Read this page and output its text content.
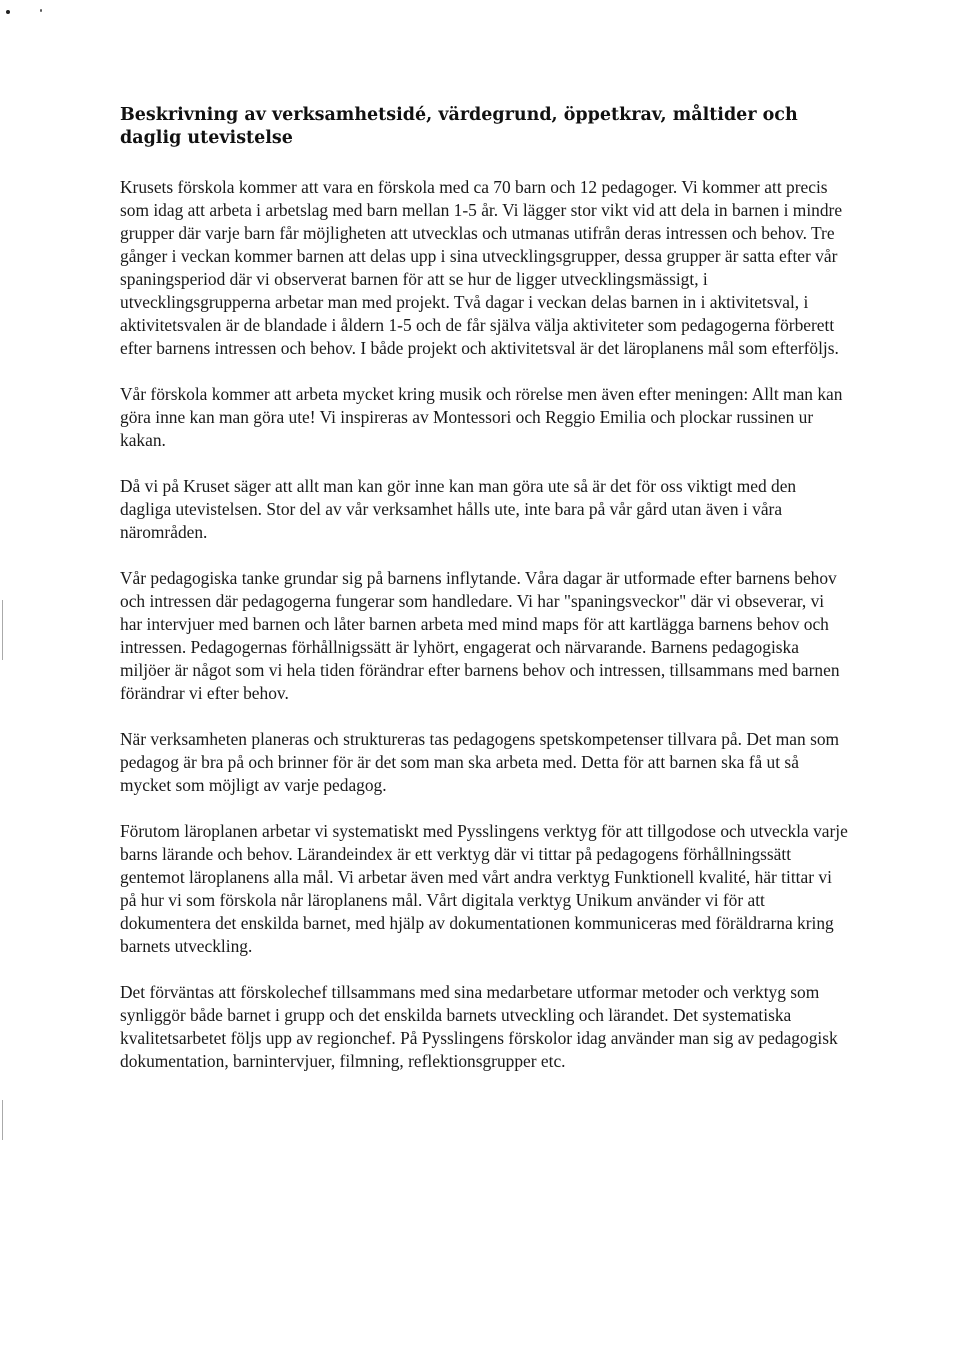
Beskrivning av verksamhetsidé, värdegrund, öppetkrav, måltider och daglig utevistelse

Krusets förskola kommer att vara en förskola med ca 70 barn och 12 pedagoger. Vi kommer att precis som idag att arbeta i arbetslag med barn mellan 1-5 år. Vi lägger stor vikt vid att dela in barnen i mindre grupper där varje barn får möjligheten att utvecklas och utmanas utifrån deras intressen och behov. Tre gånger i veckan kommer barnen att delas upp i sina utvecklingsgrupper, dessa grupper är satta efter vår spaningsperiod där vi observerat barnen för att se hur de ligger utvecklingsmässigt, i utvecklingsgrupperna arbetar man med projekt. Två dagar i veckan delas barnen in i aktivitetsval, i aktivitetsvalen är de blandade i åldern 1-5 och de får själva välja aktiviteter som pedagogerna förberett efter barnens intressen och behov. I både projekt och aktivitetsval är det läroplanens mål som efterföljs.

Vår förskola kommer att arbeta mycket kring musik och rörelse men även efter meningen: Allt man kan göra inne kan man göra ute! Vi inspireras av Montessori och Reggio Emilia och plockar russinen ur kakan.

Då vi på Kruset säger att allt man kan gör inne kan man göra ute så är det för oss viktigt med den dagliga utevistelsen. Stor del av vår verksamhet hålls ute, inte bara på vår gård utan även i våra närområden.

Vår pedagogiska tanke grundar sig på barnens inflytande. Våra dagar är utformade efter barnens behov och intressen där pedagogerna fungerar som handledare. Vi har "spaningsveckor" där vi obseverar, vi har intervjuer med barnen och låter barnen arbeta med mind maps för att kartlägga barnens behov och intressen. Pedagogernas förhållnigssätt är lyhört, engagerat och närvarande. Barnens pedagogiska miljöer är något som vi hela tiden förändrar efter barnens behov och intressen, tillsammans med barnen förändrar vi efter behov.

När verksamheten planeras och struktureras tas pedagogens spetskompetenser tillvara på. Det man som pedagog är bra på och brinner för är det som man ska arbeta med. Detta för att barnen ska få ut så mycket som möjligt av varje pedagog.

Förutom läroplanen arbetar vi systematiskt med Pysslingens verktyg för att tillgodose och utveckla varje barns lärande och behov. Lärandeindex är ett verktyg där vi tittar på pedagogens förhållningssätt gentemot läroplanens alla mål. Vi arbetar även med vårt andra verktyg Funktionell kvalité, här tittar vi på hur vi som förskola når läroplanens mål. Vårt digitala verktyg Unikum använder vi för att dokumentera det enskilda barnet, med hjälp av dokumentationen kommuniceras med föräldrarna kring barnets utveckling.

Det förväntas att förskolechef tillsammans med sina medarbetare utformar metoder och verktyg som synliggör både barnet i grupp och det enskilda barnets utveckling och lärandet. Det systematiska kvalitetsarbetet följs upp av regionchef. På Pysslingens förskolor idag använder man sig av pedagogisk dokumentation, barnintervjuer, filmning, reflektionsgrupper etc.
